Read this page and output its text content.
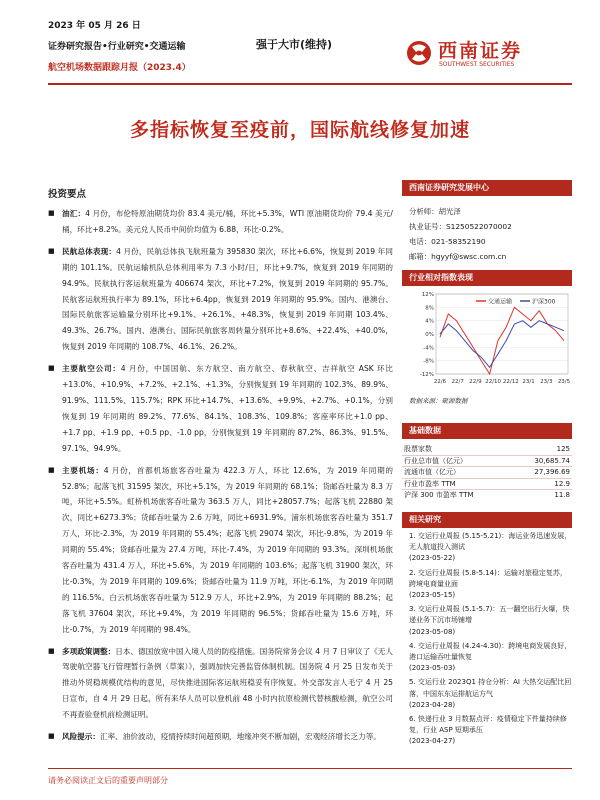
2023 年 05 月 26 日
证券研究报告•行业研究•交通运输
航空机场数据跟踪月报（2023.4）
强于大市(维持)	西南证券
SOUTHWEST SECURITIES
多指标恢复至疫前，国际航线修复加速
投资要点
■ 油汇：4 月份，布伦特原油期货均价 83.4 美元/桶，环比+5.3%，WTI 原油期货均价 79.4 美元/桶，环比+8.2%。美元兑人民币中间价均值为 6.88，环比-0.2%。
■ 民航总体表现：4 月份，民航总体执飞航班量为 395830 架次，环比+6.6%，恢复到 2019 年同期的 101.1%。民航运输机队总体利用率为 7.3 小时/日，环比+9.7%，恢复到 2019 年同期的 94.9%。民航执行客运航班量为 406674 架次，环比+7.2%，恢复到 2019 年同期的 95.7%。民航客运航班执行率为 89.1%，环比+6.4pp，恢复到 2019 年同期的 95.9%。国内、港澳台、国际民航旅客运输量分别环比+9.1%、+26.1%、+48.3%，恢复到 2019 年同期 103.4%、49.3%、26.7%。国内、港澳台、国际民航旅客周转量分别环比+8.6%、+22.4%、+40.0%，恢复到 2019 年同期的 108.7%、46.1%、26.2%。
■ 主要航空公司：4 月份，中国国航、东方航空、南方航空、春秋航空、吉祥航空 ASK 环比+13.0%、+10.9%、+7.2%、+2.1%、+1.3%，分别恢复到 19 年同期的 102.3%、89.9%、91.9%、111.5%、115.7%；RPK 环比+14.7%、+13.6%、+9.9%、+2.7%、+0.1%，分别恢复到 19 年同期的 89.2%、77.6%、84.1%、108.3%、109.8%；客座率环比+1.0 pp、+1.7 pp、+1.9 pp、+0.5 pp、-1.0 pp，分别恢复到 19 年同期的 87.2%、86.3%、91.5%、97.1%、94.9%。
■ 主要机场：4 月份，首都机场旅客吞吐量为 422.3 万人，环比 12.6%，为 2019 年同期的 52.8%；起落飞机 31595 架次，环比+5.1%，为 2019 年同期的 68.1%；货邮吞吐量为 8.3 万吨，环比+5.5%。虹桥机场旅客吞吐量为 363.5 万人，同比+28057.7%；起落飞机 22880 架次，同比+6273.3%；货邮吞吐量为 2.6 万吨，同比+6931.9%。浦东机场旅客吞吐量为 351.7 万人，环比-2.3%，为 2019 年同期的 55.4%；起落飞机 29074 架次，环比-9.8%，为 2019 年同期的 55.4%；货邮吞吐量为 27.4 万吨，环比-7.4%，为 2019 年同期的 93.3%。深圳机场旅客吞吐量为 431.4 万人，环比+5.6%，为 2019 年同期的 103.6%；起落飞机 31900 架次，环比-0.3%，为 2019 年同期的 109.6%；货邮吞吐量为 11.9 万吨，环比-6.1%，为 2019 年同期的 116.5%。白云机场旅客吞吐量为 512.9 万人，环比+2.9%，为 2019 年同期的 88.2%；起落飞机 37604 架次，环比+9.4%，为 2019 年同期的 96.5%；货邮吞吐量为 15.6 万吨，环比-0.7%，为 2019 年同期的 98.4%。
■ 多项政策调整：日本、德国放宽中国入境人员的防疫措施。国务院常务会议 4 月 7 日审议了《无人驾驶航空器飞行管理暂行条例（草案）》，强调加快完善监管体制机制。国务院 4 月 25 日发布关于推动外贸稳规模优结构的意见，尽快推进国际客运航班稳妥有序恢复。外交部发言人毛宁 4 月 25 日宣布，自 4 月 29 日起，所有来华人员可以登机前 48 小时内抗原检测代替核酸检测，航空公司不再查验登机前检测证明。
■ 风险提示：汇率、油价波动，疫情持续时间超预期，地缘冲突不断加剧，宏观经济增长乏力等。
西南证券研究发展中心
分析师：胡光泽
执业证号：S1250522070002
电话：021-58352190
邮箱：hgyyf@swsc.com.cn
行业相对指数表现
12%
8%
4%
0%
-4%
-8%
-12%
22/6 22/7 22/9 22/10 22/12 23/1 23/3 23/5
交通运输	沪深300
数据来源：聚源数据
基础数据
股票家数	125
行业总市值（亿元）	30,685.74
流通市值（亿元）	27,396.69
行业市盈率 TTM	12.9
沪深 300 市盈率 TTM	11.8
相关研究
1. 交运行业周报 (5.15-5.21)：海运业务迅速发展，无人航道投入测试
(2023-05-22)
2. 交运行业周报 (5.8-5.14)：运输对旅稳定复苏，跨境电商量业面
(2023-05-15)
3. 交运行业周报 (5.1-5.7)：五一翻空出行火爆，快递业务下沉市场铺增
(2023-05-08)
4. 交运行业周报 (4.24-4.30)：跨境电商发展良好，港口运输吞吐量恢复
(2023-05-03)
5. 交运行业 2023Q1 持仓分析：AI 大热交运配比回落，中国东东运排航运方气
(2023-04-28)
6. 快递行业 3 月数据点评：疫情稳定下件量持续修复，行业 ASP 短期承压
(2023-04-27)
请务必阅读正文后的重要声明部分
